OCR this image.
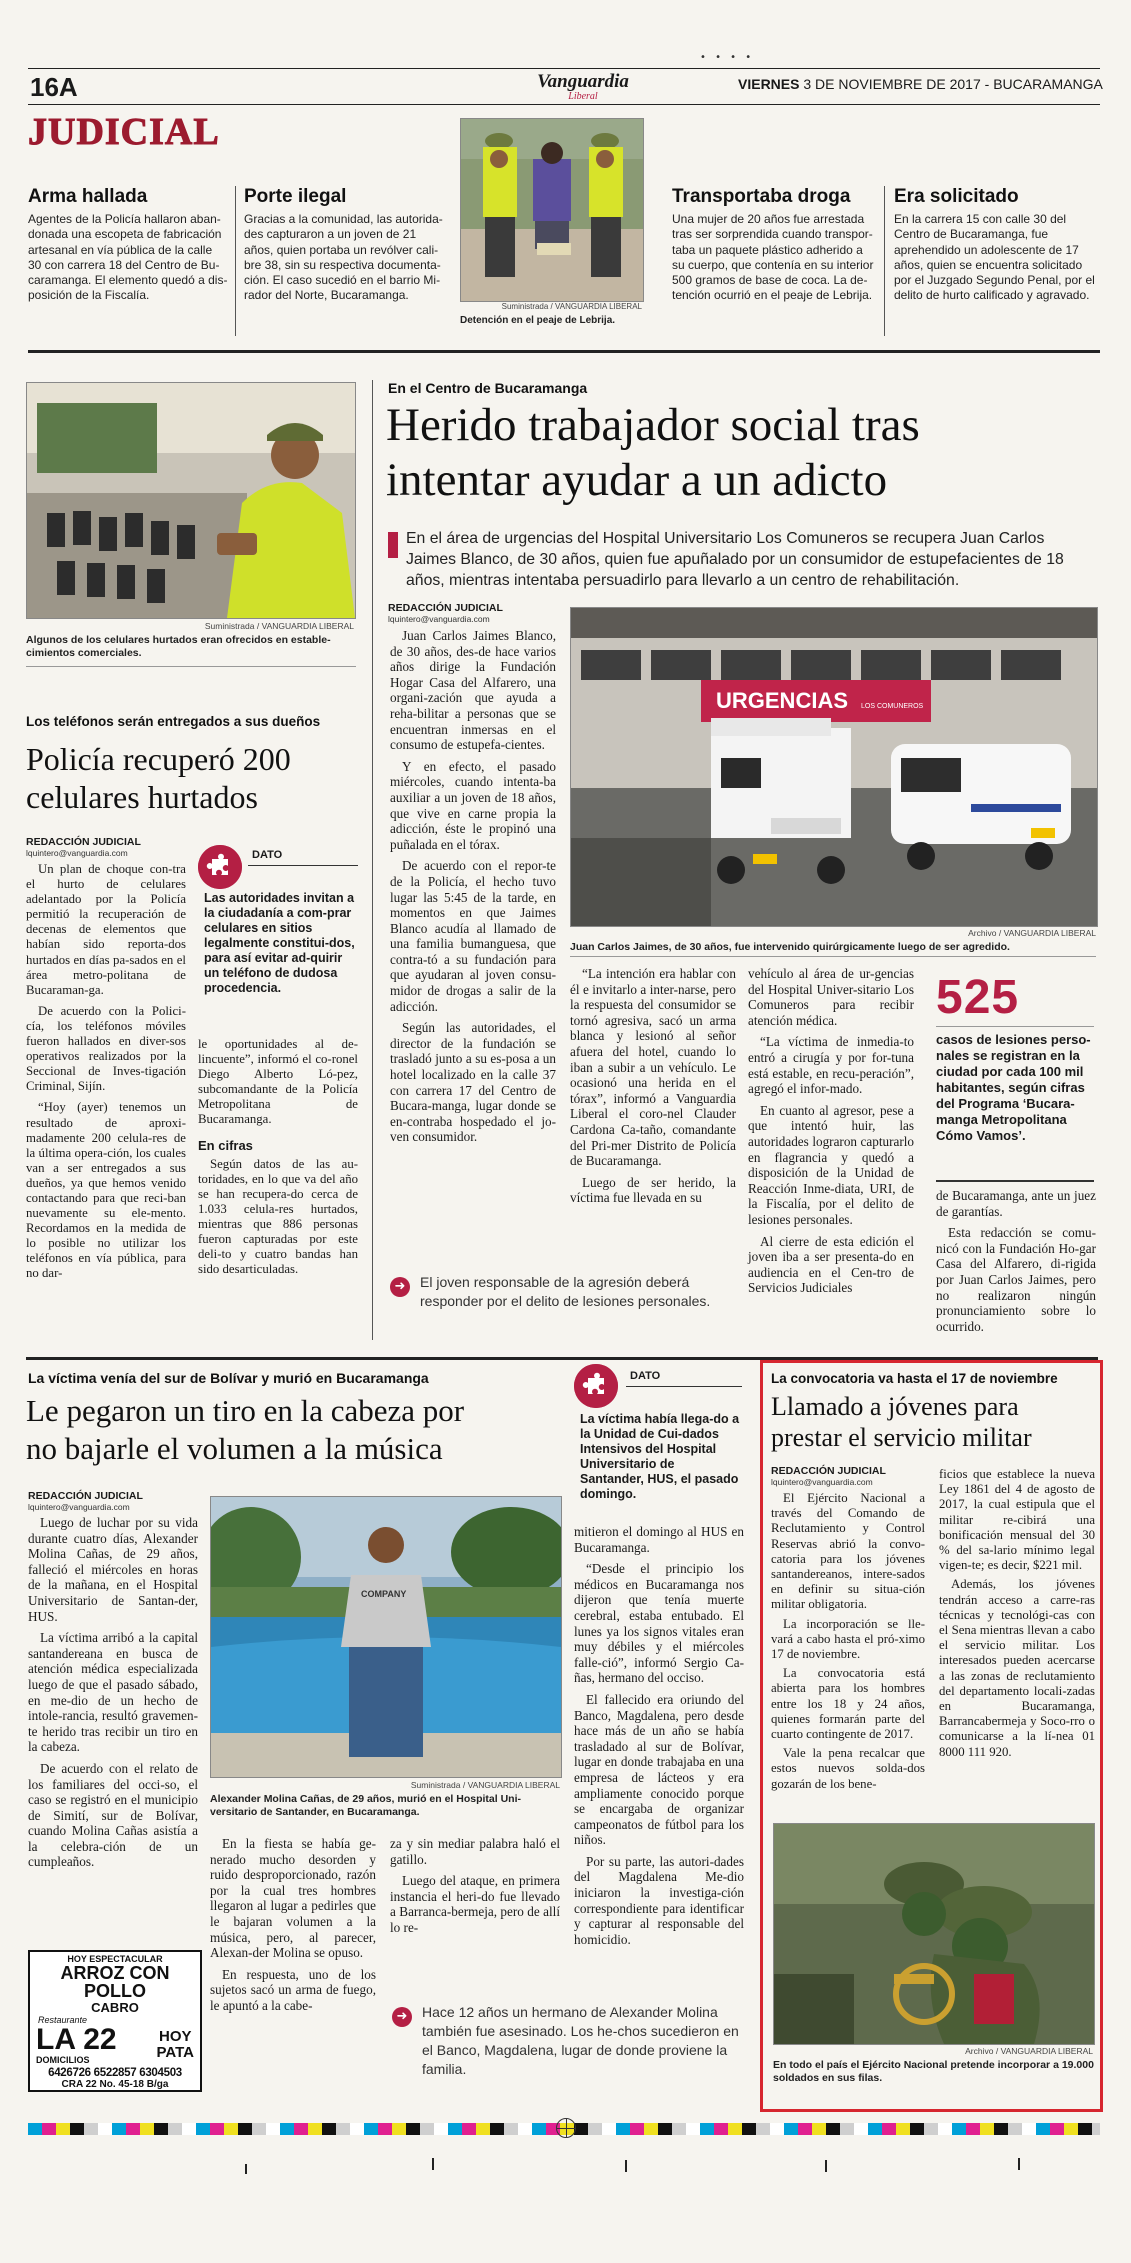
• • • •
16A	Vanguardia
Liberal
VIERNES 3 DE NOVIEMBRE DE 2017 - BUCARAMANGA
JUDICIAL
Arma hallada
Agentes de la Policía hallaron aban-donada una escopeta de fabricación artesanal en vía pública de la calle 30 con carrera 18 del Centro de Bu-caramanga. El elemento quedó a dis-posición de la Fiscalía.
Porte ilegal
Gracias a la comunidad, las autorida-des capturaron a un joven de 21 años, quien portaba un revólver cali-bre 38, sin su respectiva documenta-ción. El caso sucedió en el barrio Mi-rador del Norte, Bucaramanga.
Suministrada / VANGUARDIA LIBERAL
Detención en el peaje de Lebrija.
Transportaba droga
Una mujer de 20 años fue arrestada tras ser sorprendida cuando transpor-taba un paquete plástico adherido a su cuerpo, que contenía en su interior 500 gramos de base de coca. La de-tención ocurrió en el peaje de Lebrija.
Era solicitado
En la carrera 15 con calle 30 del Centro de Bucaramanga, fue aprehendido un adolescente de 17 años, quien se encuentra solicitado por el Juzgado Segundo Penal, por el delito de hurto calificado y agravado.
Suministrada / VANGUARDIA LIBERAL
Algunos de los celulares hurtados eran ofrecidos en estable-cimientos comerciales.
Los teléfonos serán entregados a sus dueños
Policía recuperó 200
celulares hurtados
REDACCIÓN JUDICIAL
lquintero@vanguardia.com

Un plan de choque con-tra el hurto de celulares adelantado por la Policía permitió la recuperación de decenas de elementos que habían sido reporta-dos hurtados en días pa-sados en el área metro-politana de Bucaraman-ga.

De acuerdo con la Polici-cía, los teléfonos móviles fueron hallados en diver-sos operativos realizados por la Seccional de Inves-tigación Criminal, Sijín.

“Hoy (ayer) tenemos un resultado de aproxi-madamente 200 celula-res de la última opera-ción, los cuales van a ser entregados a sus dueños, ya que hemos venido contactando para que reci-ban nuevamente su ele-mento. Recordamos en la medida de lo posible no utilizar los teléfonos en vía pública, para no dar-

DATO
Las autoridades invitan a la ciudadanía a com-prar celulares en sitios legalmente constitui-dos, para así evitar ad-quirir un teléfono de dudosa procedencia.

le oportunidades al de-lincuente”, informó el co-ronel Diego Alberto Ló-pez, subcomandante de la Policía Metropolitana de Bucaramanga.

En cifras

Según datos de las au-toridades, en lo que va del año se han recupera-do cerca de 1.033 celula-res hurtados, mientras que 886 personas fueron capturadas por este deli-to y cuatro bandas han sido desarticuladas.

En el Centro de Bucaramanga
Herido trabajador social tras
intentar ayudar a un adicto
En el área de urgencias del Hospital Universitario Los Comuneros se recupera Juan Carlos Jaimes Blanco, de 30 años, quien fue apuñalado por un consumidor de estupefacientes de 18 años, mientras intentaba persuadirlo para llevarlo a un centro de rehabilitación.
REDACCIÓN JUDICIAL
lquintero@vanguardia.com

Juan Carlos Jaimes Blanco, de 30 años, des-de hace varios años dirige la Fundación Hogar Casa del Alfarero, una organi-zación que ayuda a reha-bilitar a personas que se encuentran inmersas en el consumo de estupefa-cientes.

Y en efecto, el pasado miércoles, cuando intenta-ba auxiliar a un joven de 18 años, que vive en carne propia la adicción, éste le propinó una puñalada en el tórax.

De acuerdo con el repor-te de la Policía, el hecho tuvo lugar las 5:45 de la tarde, en momentos en que Jaimes Blanco acudía al llamado de una familia bumanguesa, que contra-tó a su fundación para que ayudaran al joven consu-midor de drogas a salir de la adicción.

Según las autoridades, el director de la fundación se trasladó junto a su es-posa a un hotel localizado en la calle 37 con carrera 17 del Centro de Bucara-manga, lugar donde se en-contraba hospedado el jo-ven consumidor.

URGENCIAS LOS COMUNEROS
Archivo / VANGUARDIA LIBERAL
Juan Carlos Jaimes, de 30 años, fue intervenido quirúrgicamente luego de ser agredido.

“La intención era hablar con él e invitarlo a inter-narse, pero la respuesta del consumidor se tornó agresiva, sacó un arma blanca y lesionó al señor afuera del hotel, cuando lo iban a subir a un vehículo. Le ocasionó una herida en el tórax”, informó a Vanguardia Liberal el coro-nel Clauder Cardona Ca-taño, comandante del Pri-mer Distrito de Policía de Bucaramanga.

Luego de ser herido, la víctima fue llevada en su

vehículo al área de ur-gencias del Hospital Univer-sitario Los Comuneros para recibir atención médica.

“La víctima de inmedia-to entró a cirugía y por for-tuna está estable, en recu-peración”, agregó el infor-mado.

En cuanto al agresor, pese a que intentó huir, las autoridades lograron capturarlo en flagrancia y quedó a disposición de la Unidad de Reacción Inme-diata, URI, de la Fiscalía, por el delito de lesiones personales.

Al cierre de esta edición el joven iba a ser presenta-do en audiencia en el Cen-tro de Servicios Judiciales

525
casos de lesiones perso-nales se registran en la ciudad por cada 100 mil habitantes, según cifras del Programa ‘Bucara-manga Metropolitana Cómo Vamos’.

de Bucaramanga, ante un juez de garantías.

Esta redacción se comu-nicó con la Fundación Ho-gar Casa del Alfarero, di-rigida por Juan Carlos Jaimes, pero no realizaron ningún pronunciamiento sobre lo ocurrido.

➜	El joven responsable de la agresión deberá responder por el delito de lesiones personales.
La víctima venía del sur de Bolívar y murió en Bucaramanga
Le pegaron un tiro en la cabeza por
no bajarle el volumen a la música
REDACCIÓN JUDICIAL
lquintero@vanguardia.com

Luego de luchar por su vida durante cuatro días, Alexander Molina Cañas, de 29 años, falleció el miércoles en horas de la mañana, en el Hospital Universitario de Santan-der, HUS.

La víctima arribó a la capital santandereana en busca de atención médica especializada luego de que el pasado sábado, en me-dio de un hecho de intole-rancia, resultó gravemen-te herido tras recibir un tiro en la cabeza.

De acuerdo con el relato de los familiares del occi-so, el caso se registró en el municipio de Simití, sur de Bolívar, cuando Molina Cañas asistía a la celebra-ción de un cumpleaños.

COMPANY
Suministrada / VANGUARDIA LIBERAL
Alexander Molina Cañas, de 29 años, murió en el Hospital Uni-versitario de Santander, en Bucaramanga.

En la fiesta se había ge-nerado mucho desorden y ruido desproporcionado, razón por la cual tres hombres llegaron al lugar a pedirles que le bajaran volumen a la música, pero, al parecer, Alexan-der Molina se opuso.

En respuesta, uno de los sujetos sacó un arma de fuego, le apuntó a la cabe-

za y sin mediar palabra haló el gatillo.

Luego del ataque, en primera instancia el heri-do fue llevado a Barranca-bermeja, pero de allí lo re-

DATO
La víctima había llega-do a la Unidad de Cui-dados Intensivos del Hospital Universitario de Santander, HUS, el pasado domingo.

mitieron el domingo al HUS en Bucaramanga.

“Desde el principio los médicos en Bucaramanga nos dijeron que tenía muerte cerebral, estaba entubado. El lunes ya los signos vitales eran muy débiles y el miércoles falle-ció”, informó Sergio Ca-ñas, hermano del occiso.

El fallecido era oriundo del Banco, Magdalena, pero desde hace más de un año se había trasladado al sur de Bolívar, lugar en donde trabajaba en una empresa de lácteos y era ampliamente conocido porque se encargaba de organizar campeonatos de fútbol para los niños.

Por su parte, las autori-dades del Magdalena Me-dio iniciaron la investiga-ción correspondiente para identificar y capturar al responsable del homicidio.

➜	Hace 12 años un hermano de Alexander Molina también fue asesinado. Los he-chos sucedieron en el Banco, Magdalena, lugar de donde proviene la familia.
HOY ESPECTACULAR
ARROZ CON POLLO
CABRO
Restaurante
LA 22
DOMICILIOS
HOY
PATA
6426726 6522857 6304503
CRA 22 No. 45-18 B/ga
La convocatoria va hasta el 17 de noviembre
Llamado a jóvenes para
prestar el servicio militar
REDACCIÓN JUDICIAL
lquintero@vanguardia.com

El Ejército Nacional a través del Comando de Reclutamiento y Control Reservas abrió la convo-catoria para los jóvenes santandereanos, intere-sados en definir su situa-ción militar obligatoria.

La incorporación se lle-vará a cabo hasta el pró-ximo 17 de noviembre.

La convocatoria está abierta para los hombres entre los 18 y 24 años, quienes formarán parte del cuarto contingente de 2017.

Vale la pena recalcar que estos nuevos solda-dos gozarán de los bene-

ficios que establece la nueva Ley 1861 del 4 de agosto de 2017, la cual estipula que el militar re-cibirá una bonificación mensual del 30 % del sa-lario mínimo legal vigen-te; es decir, $221 mil.

Además, los jóvenes tendrán acceso a carre-ras técnicas y tecnológi-cas con el Sena mientras llevan a cabo el servicio militar. Los interesados pueden acercarse a las zonas de reclutamiento del departamento locali-zadas en Bucaramanga, Barrancabermeja y Soco-rro o comunicarse a la lí-nea 01 8000 111 920.

Archivo / VANGUARDIA LIBERAL
En todo el país el Ejército Nacional pretende incorporar a 19.000 soldados en sus filas.
